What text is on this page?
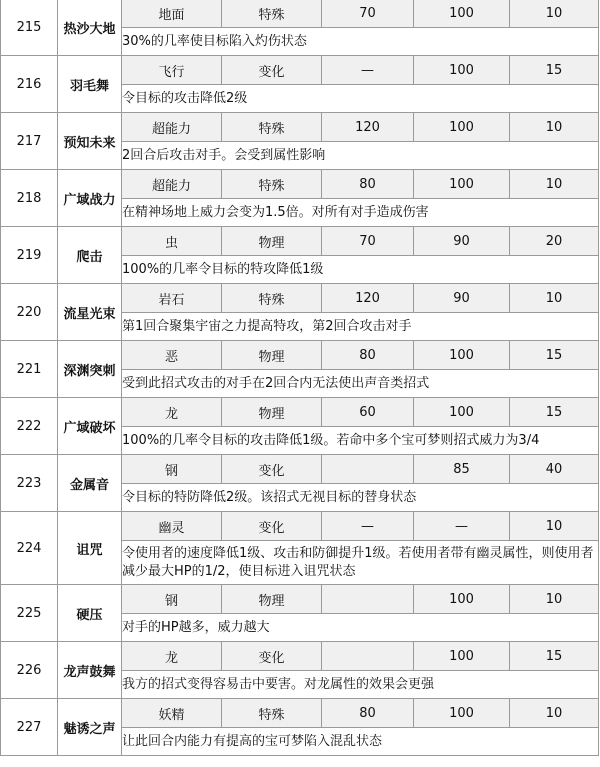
215	热沙大地	地面	特殊	70	100	10
		30%的几率使目标陷入灼伤状态				
216	羽毛舞	飞行	变化	—	100	15
		令目标的攻击降低2级				
217	预知未来	超能力	特殊	120	100	10
		2回合后攻击对手。会受到属性影响				
218	广域战力	超能力	特殊	80	100	10
		在精神场地上威力会变为1.5倍。对所有对手造成伤害				
219	爬击	虫	物理	70	90	20
		100%的几率令目标的特攻降低1级				
220	流星光束	岩石	特殊	120	90	10
		第1回合聚集宇宙之力提高特攻，第2回合攻击对手				
221	深渊突刺	恶	物理	80	100	15
		受到此招式攻击的对手在2回合内无法使出声音类招式				
222	广域破坏	龙	物理	60	100	15
		100%的几率令目标的攻击降低1级。若命中多个宝可梦则招式威力为3/4				
223	金属音	钢	变化		85	40
		令目标的特防降低2级。该招式无视目标的替身状态				
224	诅咒	幽灵	变化	—	—	10
		令使用者的速度降低1级、攻击和防御提升1级。若使用者带有幽灵属性，则使用者减少最大HP的1/2，使目标进入诅咒状态				
225	硬压	钢	物理		100	10
		对手的HP越多，威力越大				
226	龙声鼓舞	龙	变化		100	15
		我方的招式变得容易击中要害。对龙属性的效果会更强				
227	魅诱之声	妖精	特殊	80	100	10
		让此回合内能力有提高的宝可梦陷入混乱状态				
